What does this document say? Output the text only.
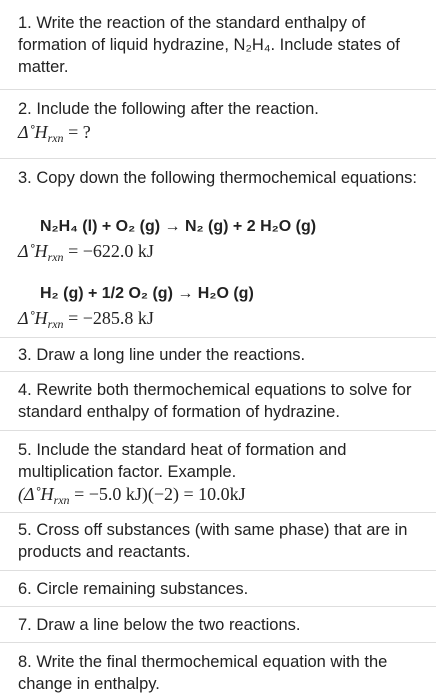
1. Write the reaction of the standard enthalpy of formation of liquid hydrazine, N₂H₄. Include states of matter.
2. Include the following after the reaction.
$\Delta˚H_{rxn}$ = ?
3. Copy down the following thermochemical equations:
N₂H₄ (l) + O₂ (g) → N₂ (g) + 2 H₂O (g)
$\Delta˚H_{rxn} = -622.0$ kJ
H₂ (g) + 1/2 O₂ (g) → H₂O (g)
$\Delta˚H_{rxn} = -285.8$ kJ
3. Draw a long line under the reactions.
4. Rewrite both thermochemical equations to solve for standard enthalpy of formation of hydrazine.
5. Include the standard heat of formation and multiplication factor. Example.
($\Delta˚H_{rxn} = -5.0$ kJ)(−2) = 10.0kJ
5. Cross off substances (with same phase) that are in products and reactants.
6. Circle remaining substances.
7. Draw a line below the two reactions.
8. Write the final thermochemical equation with the change in enthalpy.
